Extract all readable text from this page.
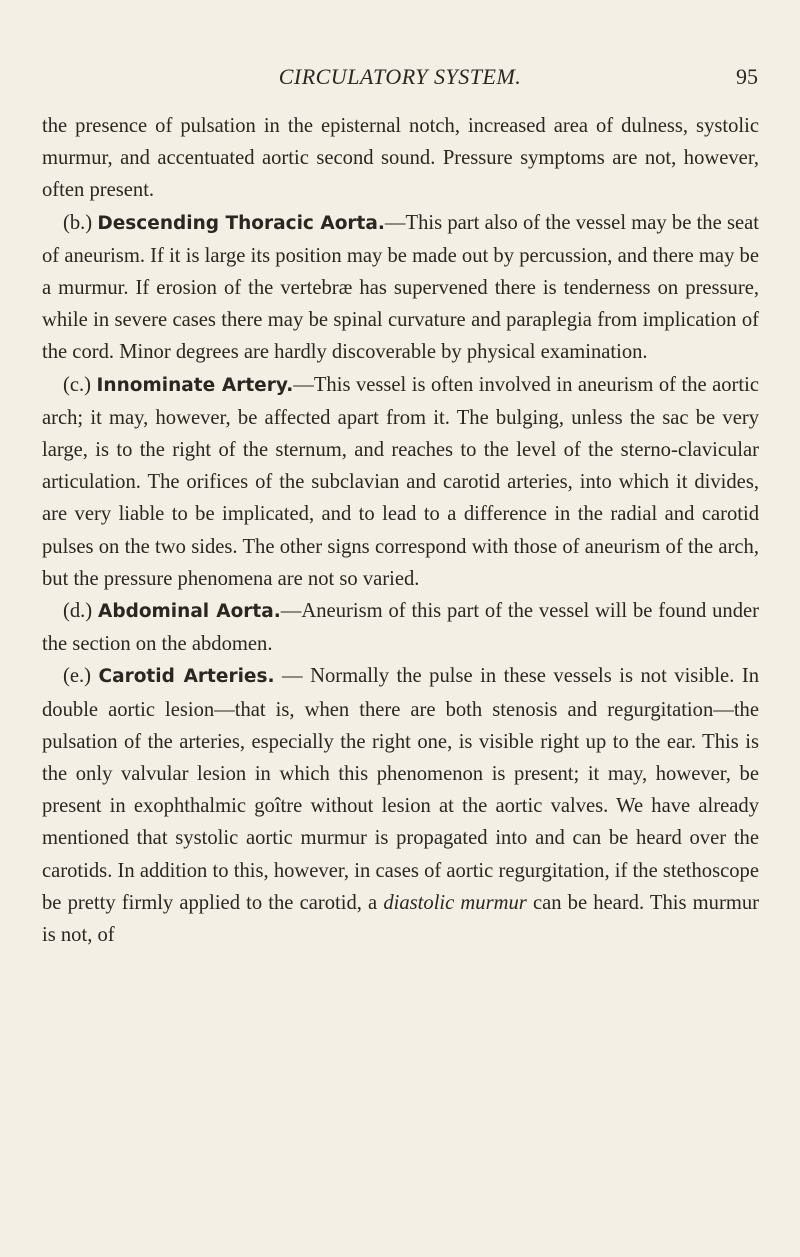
CIRCULATORY SYSTEM.	95

the presence of pulsation in the episternal notch, increased area of dulness, systolic murmur, and accentuated aortic second sound. Pressure symptoms are not, however, often present.

(b.) Descending Thoracic Aorta.—This part also of the vessel may be the seat of aneurism. If it is large its position may be made out by percussion, and there may be a murmur. If erosion of the vertebræ has supervened there is tenderness on pressure, while in severe cases there may be spinal curvature and paraplegia from implication of the cord. Minor degrees are hardly discoverable by physical examination.

(c.) Innominate Artery.—This vessel is often involved in aneurism of the aortic arch; it may, however, be affected apart from it. The bulging, unless the sac be very large, is to the right of the sternum, and reaches to the level of the sterno-clavicular articulation. The orifices of the subclavian and carotid arteries, into which it divides, are very liable to be implicated, and to lead to a difference in the radial and carotid pulses on the two sides. The other signs correspond with those of aneurism of the arch, but the pressure phenomena are not so varied.

(d.) Abdominal Aorta.—Aneurism of this part of the vessel will be found under the section on the abdomen.

(e.) Carotid Arteries. — Normally the pulse in these vessels is not visible. In double aortic lesion—that is, when there are both stenosis and regurgitation—the pulsation of the arteries, especially the right one, is visible right up to the ear. This is the only valvular lesion in which this phenomenon is present; it may, however, be present in exophthalmic goître without lesion at the aortic valves. We have already mentioned that systolic aortic murmur is propagated into and can be heard over the carotids. In addition to this, however, in cases of aortic regurgitation, if the stethoscope be pretty firmly applied to the carotid, a diastolic murmur can be heard. This murmur is not, of
